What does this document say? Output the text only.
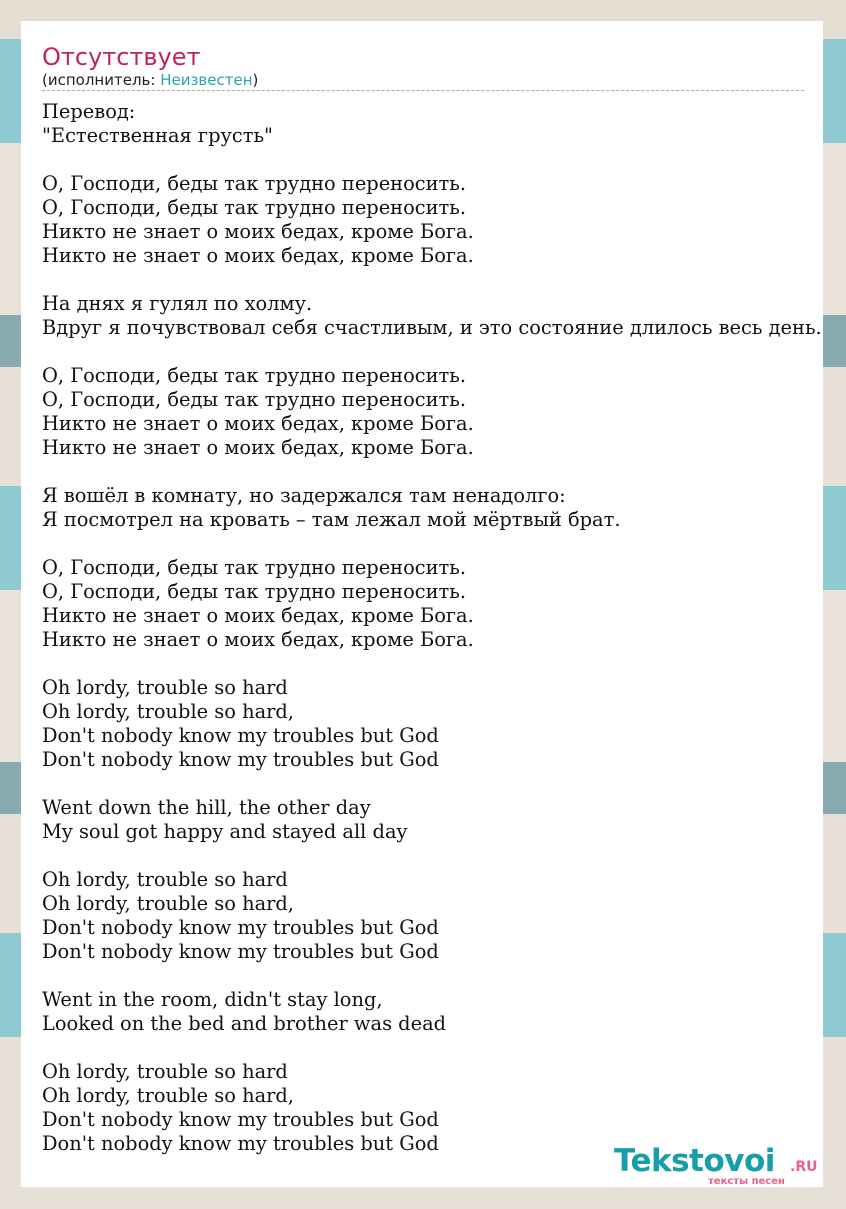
Отсутствует
(исполнитель: Неизвестен)
Перевод:
"Естественная грусть"
О, Господи, беды так трудно переносить.
О, Господи, беды так трудно переносить.
Никто не знает о моих бедах, кроме Бога.
Никто не знает о моих бедах, кроме Бога.
На днях я гулял по холму.
Вдруг я почувствовал себя счастливым, и это состояние длилось весь день.
О, Господи, беды так трудно переносить.
О, Господи, беды так трудно переносить.
Никто не знает о моих бедах, кроме Бога.
Никто не знает о моих бедах, кроме Бога.
Я вошёл в комнату, но задержался там ненадолго:
Я посмотрел на кровать – там лежал мой мёртвый брат.
О, Господи, беды так трудно переносить.
О, Господи, беды так трудно переносить.
Никто не знает о моих бедах, кроме Бога.
Никто не знает о моих бедах, кроме Бога.
Oh lordy, trouble so hard
Oh lordy, trouble so hard,
Don't nobody know my troubles but God
Don't nobody know my troubles but God
Went down the hill, the other day
My soul got happy and stayed all day
Oh lordy, trouble so hard
Oh lordy, trouble so hard,
Don't nobody know my troubles but God
Don't nobody know my troubles but God
Went in the room, didn't stay long,
Looked on the bed and brother was dead
Oh lordy, trouble so hard
Oh lordy, trouble so hard,
Don't nobody know my troubles but God
Don't nobody know my troubles but God	Tekstovoi .RU
тексты песен
